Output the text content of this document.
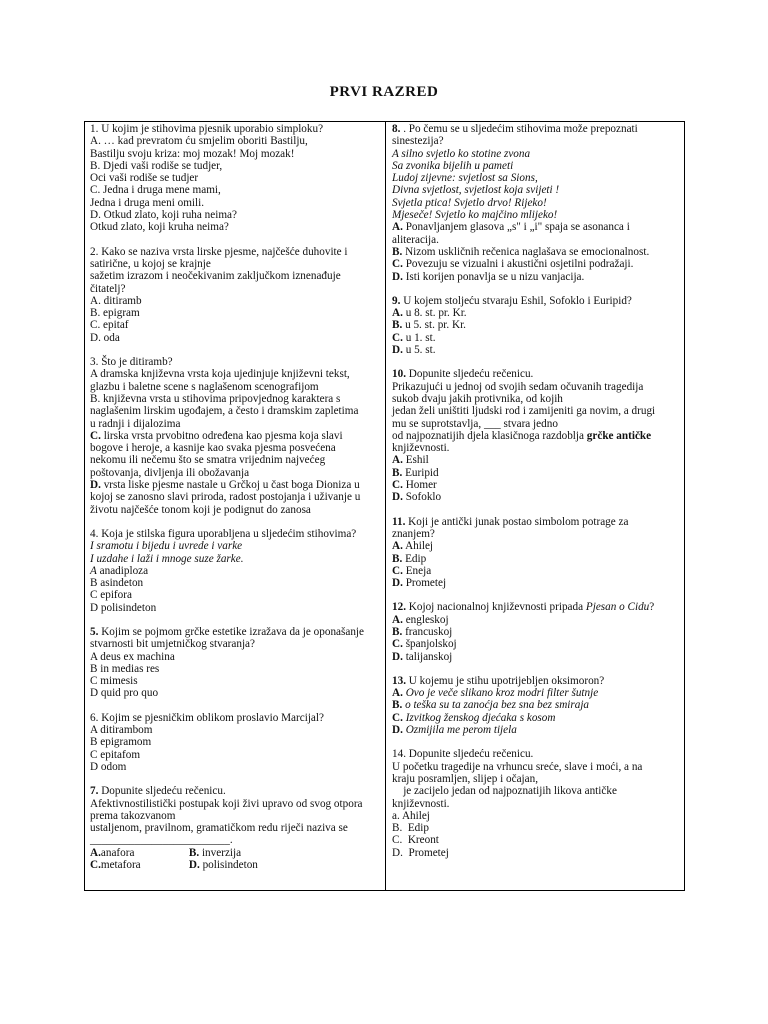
PRVI RAZRED
1. U kojim je stihovima pjesnik uporabio simploku?
A. … kad prevratom ću smjelim oboriti Bastilju,
Bastilju svoju kriza: moj mozak! Moj mozak!
B. Djedi vaši rodiše se tudjer,
Oci vaši rodiše se tudjer
C. Jedna i druga mene mami,
Jedna i druga meni omili.
D. Otkud zlato, koji ruha neima?
Otkud zlato, koji kruha neima?
2. Kako se naziva vrsta lirske pjesme, najčešće duhovite i
satirične, u kojoj se krajnje
sažetim izrazom i neočekivanim zaključkom iznenađuje
čitatelj?
A. ditiramb
B. epigram
C. epitaf
D. oda
3. Što je ditiramb?
A dramska književna vrsta koja ujedinjuje književni tekst,
glazbu i baletne scene s naglašenom scenografijom
B. književna vrsta u stihovima pripovjednog karaktera s
naglašenim lirskim ugođajem, a često i dramskim zapletima
u radnji i dijalozima
C. lirska vrsta prvobitno određena kao pjesma koja slavi
bogove i heroje, a kasnije kao svaka pjesma posvećena
nekomu ili nečemu što se smatra vrijednim najvećeg
poštovanja, divljenja ili obožavanja
D. vrsta liske pjesme nastale u Grčkoj u čast boga Dioniza u
kojoj se zanosno slavi priroda, radost postojanja i uživanje u
životu najčešće tonom koji je podignut do zanosa
4. Koja je stilska figura uporabljena u sljedećim stihovima?
I sramotu i bijedu i uvrede i varke
I uzdahe i laži i mnoge suze žarke.
A anadiploza
B asindeton
C epifora
D polisindeton
5. Kojim se pojmom grčke estetike izražava da je oponašanje
stvarnosti bit umjetničkog stvaranja?
A deus ex machina
B in medias res
C mimesis
D quid pro quo
6. Kojim se pjesničkim oblikom proslavio Marcijal?
A ditirambom
B epigramom
C epitafom
D odom
7. Dopunite sljedeću rečenicu.
Afektivnostilistički postupak koji živi upravo od svog otpora
prema takozvanom
ustaljenom, pravilnom, gramatičkom redu riječi naziva se
_________________________.
A.anafora	B. inverzija
C.metafora	D. polisindeton
8. . Po čemu se u sljedećim stihovima može prepoznati
sinestezija?
A silno svjetlo ko stotine zvona
Sa zvonika bijelih u pameti
Ludoj zijevne: svjetlost sa Sions,
Divna svjetlost, svjetlost koja svijeti !
Svjetla ptica! Svjetlo drvo! Rijeko!
Mjeseče! Svjetlo ko majčino mlijeko!
A. Ponavljanjem glasova „s" i „i" spaja se asonanca i
aliteracija.
B. Nizom uskličnih rečenica naglašava se emocionalnost.
C. Povezuju se vizualni i akustični osjetilni podražaji.
D. Isti korijen ponavlja se u nizu vanjacija.
9. U kojem stoljeću stvaraju Eshil, Sofoklo i Euripid?
A. u 8. st. pr. Kr.
B. u 5. st. pr. Kr.
C. u 1. st.
D. u 5. st.
10. Dopunite sljedeću rečenicu.
Prikazujući u jednoj od svojih sedam očuvanih tragedija
sukob dvaju jakih protivnika, od kojih
jedan želi uništiti ljudski rod i zamijeniti ga novim, a drugi
mu se suprotstavlja, ___ stvara jedno
od najpoznatijih djela klasičnoga razdoblja grčke antičke
književnosti.
A. Eshil
B. Euripid
C. Homer
D. Sofoklo
11. Koji je antički junak postao simbolom potrage za
znanjem?
A. Ahilej
B. Edip
C. Eneja
D. Prometej
12. Kojoj nacionalnoj književnosti pripada Pjesan o Cidu?
A. engleskoj
B. francuskoj
C. španjolskoj
D. talijanskoj
13. U kojemu je stihu upotrijebljen oksimoron?
A. Ovo je veče slikano kroz modri filter šutnje
B. o teška su ta zanoćja bez sna bez smiraja
C. Izvitkog ženskog djećaka s kosom
D. Ozmijila me perom tijela
14. Dopunite sljedeću rečenicu.
U početku tragedije na vrhuncu sreće, slave i moći, a na
kraju posramljen, slijep i očajan,
je zacijelo jedan od najpoznatijih likova antičke
književnosti.
a. Ahilej
B.  Edip
C.  Kreont
D.  Prometej
